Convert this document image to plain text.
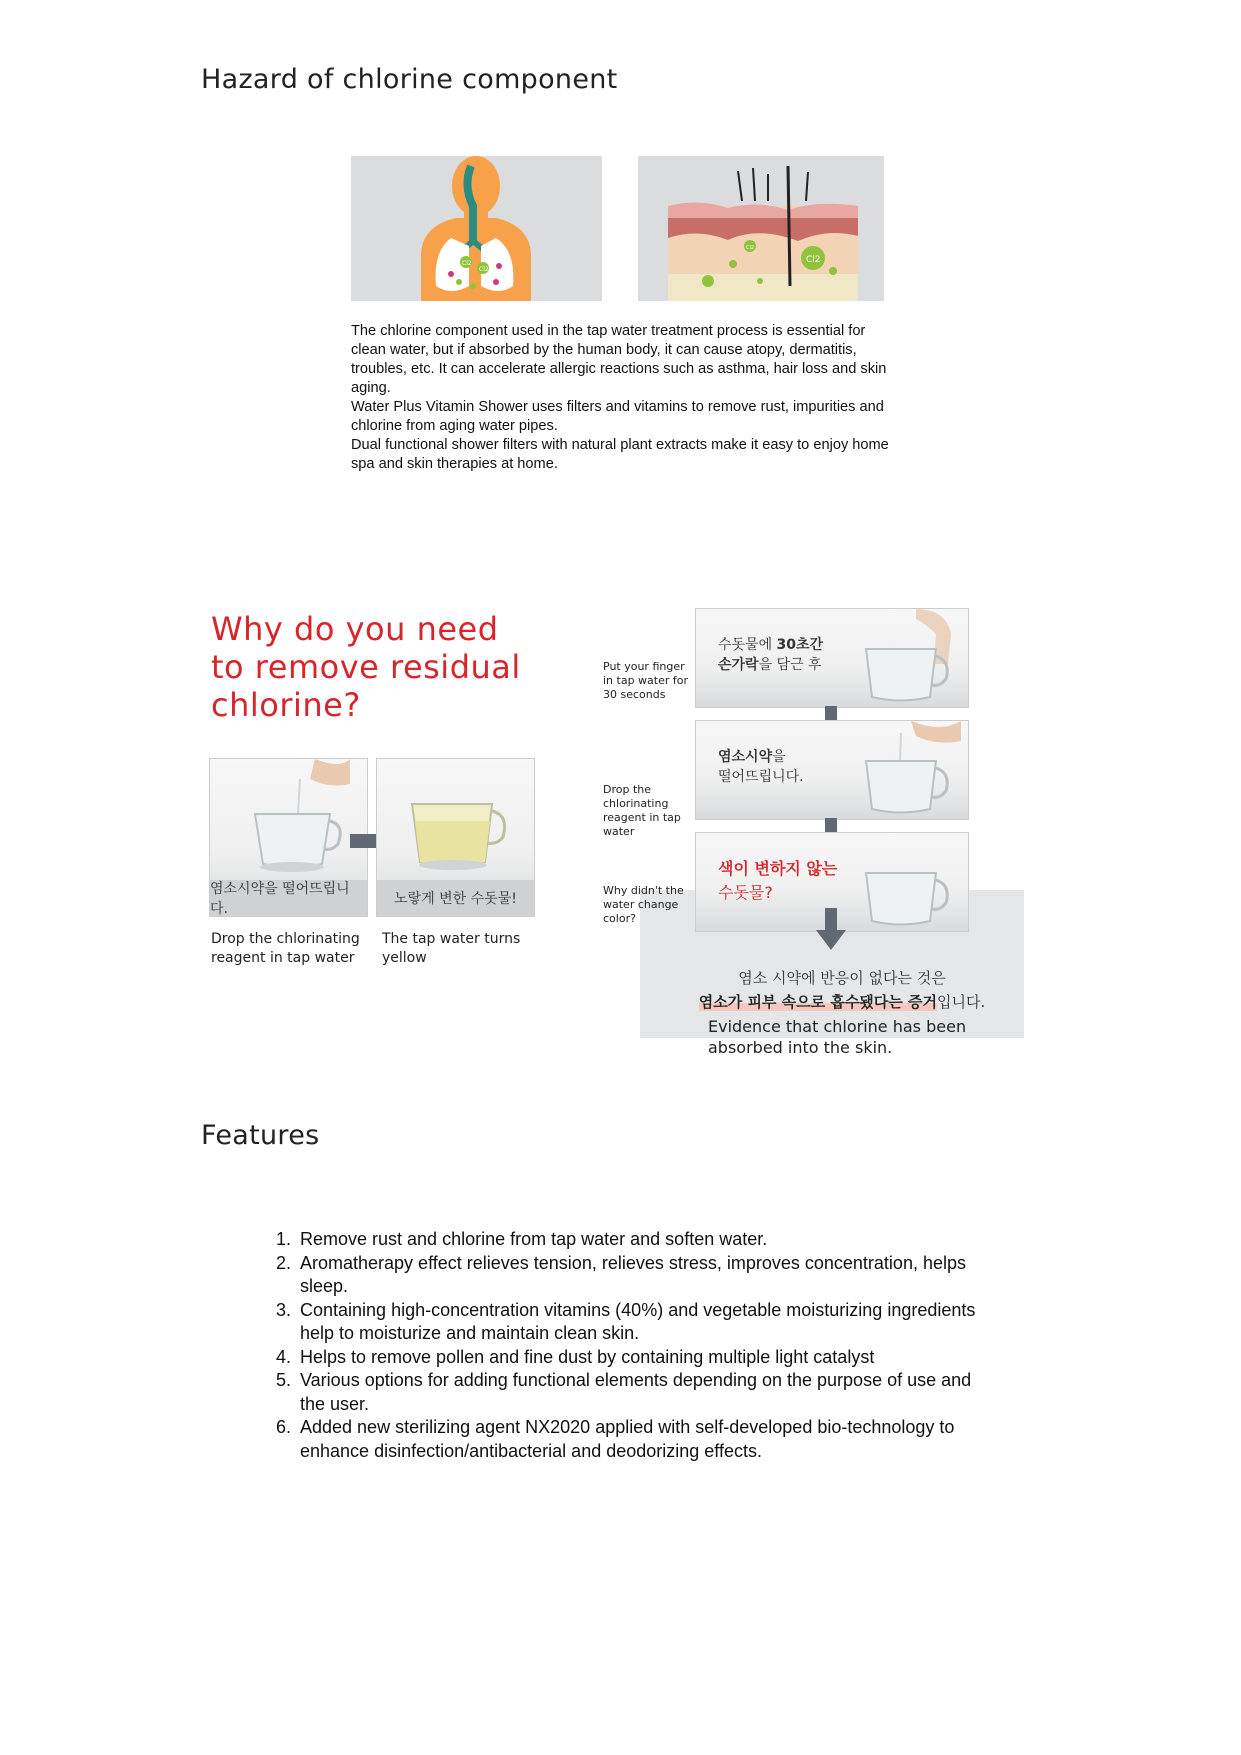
Hazard of chlorine component
Cl2
Cl2
Cl2
Cl2

The chlorine component used in the tap water treatment process is essential for clean water, but if absorbed by the human body, it can cause atopy, dermatitis, troubles, etc. It can accelerate allergic reactions such as asthma, hair loss and skin aging.

Water Plus Vitamin Shower uses filters and vitamins to remove rust, impurities and chlorine from aging water pipes.

Dual functional shower filters with natural plant extracts make it easy to enjoy home spa and skin therapies at home.

Why do you need to remove residual chlorine?
염소시약을 떨어뜨립니다.
노랗게 변한 수돗물!
Drop the chlorinating reagent in tap water
The tap water turns yellow
Put your finger in tap water for 30 seconds
수돗물에 30초간
손가락을 담근 후
Drop the chlorinating reagent in tap water
염소시약을
떨어뜨립니다.
Why didn't the water change color?
색이 변하지 않는
수돗물?
염소 시약에 반응이 없다는 것은
염소가 피부 속으로 흡수됐다는 증거입니다.
Evidence that chlorine has been absorbed into the skin.
Features
1. Remove rust and chlorine from tap water and soften water.
2. Aromatherapy effect relieves tension, relieves stress, improves concentration, helps sleep.
3. Containing high-concentration vitamins (40%) and vegetable moisturizing ingredients help to moisturize and maintain clean skin.
4. Helps to remove pollen and fine dust by containing multiple light catalyst
5. Various options for adding functional elements depending on the purpose of use and the user.
6. Added new sterilizing agent NX2020 applied with self-developed bio-technology to enhance disinfection/antibacterial and deodorizing effects.
